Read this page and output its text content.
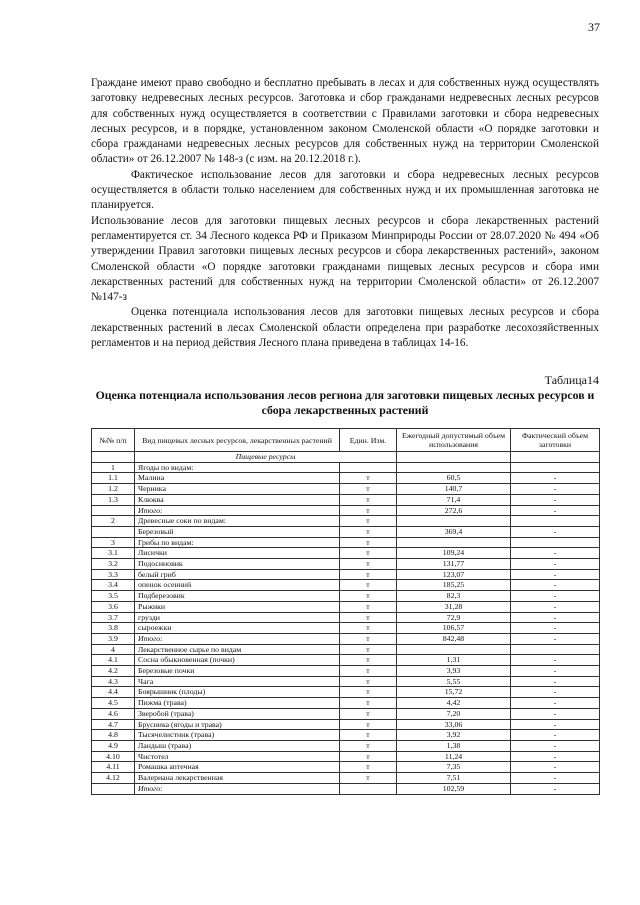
37

Граждане имеют право свободно и бесплатно пребывать в лесах и для собственных нужд осуществлять заготовку недревесных лесных ресурсов. Заготовка и сбор гражданами недревесных лесных ресурсов для собственных нужд осуществляется в соответствии с Правилами заготовки и сбора недревесных лесных ресурсов, и в порядке, установленном законом Смоленской области «О порядке заготовки и сбора гражданами недревесных лесных ресурсов для собственных нужд на территории Смоленской области» от 26.12.2007 № 148-з (с изм. на 20.12.2018 г.).

Фактическое использование лесов для заготовки и сбора недревесных лесных ресурсов осуществляется в области только населением для собственных нужд и их промышленная заготовка не планируется.

Использование лесов для заготовки пищевых лесных ресурсов и сбора лекарственных растений регламентируется ст. 34 Лесного кодекса РФ и Приказом Минприроды России от 28.07.2020 № 494 «Об утверждении Правил заготовки пищевых лесных ресурсов и сбора лекарственных растений», законом Смоленской области «О порядке заготовки гражданами пищевых лесных ресурсов и сбора ими лекарственных растений для собственных нужд на территории Смоленской области» от 26.12.2007 №147-з

Оценка потенциала использования лесов для заготовки пищевых лесных ресурсов и сбора лекарственных растений в лесах Смоленской области определена при разработке лесохозяйственных регламентов и на период действия Лесного плана приведена в таблицах 14-16.

Таблица14
Оценка потенциала использования лесов региона для заготовки пищевых лесных ресурсов и сбора лекарственных растений
№№ п/п	Вид пищевых лесных ресурсов, лекарственных растений	Един. Изм.	Ежегодный допустимый объем использования	Фактический объем заготовки
	Пищевые ресурсы			
1	Ягоды по видам:			
1.1	Малина	т	60,5	-
1.2	Черника	т	140,7	-
1.3	Клюква	т	71,4	-
	Итого:	т	272,6	-
2	Древесные соки по видам:	т		
	Березовый	т	369,4	-
3	Грибы по видам:	т		
3.1	Лисички	т	109,24	-
3.2	Подосиновик	т	131,77	-
3.3	белый гриб	т	123,07	-
3.4	опенок осенний	т	185,25	-
3.5	Подберезовик	т	82,3	-
3.6	Рыжики	т	31,28	-
3.7	грузди	т	72,9	-
3.8	сыроежки	т	106,57	-
3.9	Итого:	т	842,48	-
4	Лекарственное сырье по видам	т		
4.1	Сосна обыкновенная (почки)	т	1,31	-
4.2	Березовые почки	т	3,93	-
4.3	Чага	т	5,55	-
4.4	Боярышник (плоды)	т	15,72	-
4.5	Пижма (трава)	т	4,42	-
4.6	Зверобой (трава)	т	7,20	-
4.7	Брусника (ягоды и трава)	т	33,06	-
4.8	Тысячелистник (трава)	т	3,92	-
4.9	Ландыш (трава)	т	1,38	-
4.10	Чистотел	т	11,24	-
4.11	Ромашка аптечная	т	7,35	-
4.12	Валериана лекарственная	т	7,51	-
	Итого:		102,59	-
